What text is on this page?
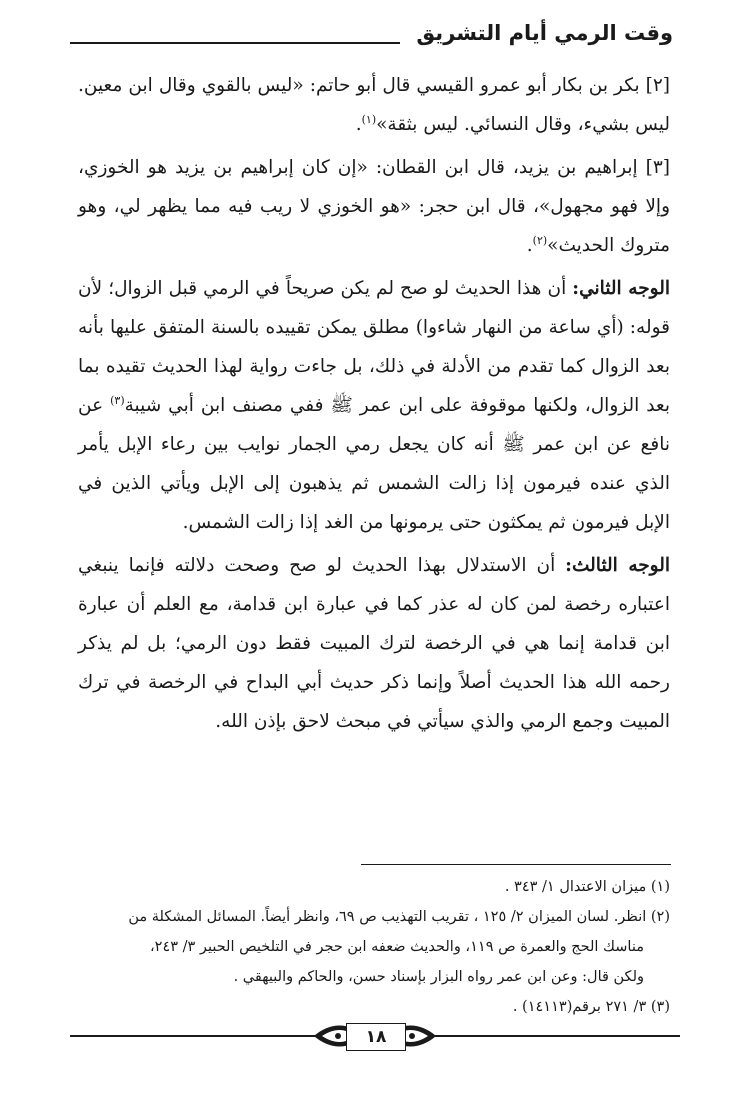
وقت الرمي أيام التشريق

[٢] بكر بن بكار أبو عمرو القيسي قال أبو حاتم: «ليس بالقوي وقال ابن معين. ليس بشيء، وقال النسائي. ليس بثقة»$^{(١)}$.

[٣] إبراهيم بن يزيد، قال ابن القطان: «إن كان إبراهيم بن يزيد هو الخوزي، وإلا فهو مجهول»، قال ابن حجر: «هو الخوزي لا ريب فيه مما يظهر لي، وهو متروك الحديث»$^{(٢)}$.

الوجه الثاني: أن هذا الحديث لو صح لم يكن صريحاً في الرمي قبل الزوال؛ لأن قوله: (أي ساعة من النهار شاءوا) مطلق يمكن تقييده بالسنة المتفق عليها بأنه بعد الزوال كما تقدم من الأدلة في ذلك، بل جاءت رواية لهذا الحديث تقيده بما بعد الزوال، ولكنها موقوفة على ابن عمر ﷺ ففي مصنف ابن أبي شيبة$^{(٣)}$ عن نافع عن ابن عمر ﷺ أنه كان يجعل رمي الجمار نوايب بين رعاء الإبل يأمر الذي عنده فيرمون إذا زالت الشمس ثم يذهبون إلى الإبل ويأتي الذين في الإبل فيرمون ثم يمكثون حتى يرمونها من الغد إذا زالت الشمس.

الوجه الثالث: أن الاستدلال بهذا الحديث لو صح وصحت دلالته فإنما ينبغي اعتباره رخصة لمن كان له عذر كما في عبارة ابن قدامة، مع العلم أن عبارة ابن قدامة إنما هي في الرخصة لترك المبيت فقط دون الرمي؛ بل لم يذكر رحمه الله هذا الحديث أصلاً وإنما ذكر حديث أبي البداح في الرخصة في ترك المبيت وجمع الرمي والذي سيأتي في مبحث لاحق بإذن الله.

(١) ميزان الاعتدال ١/ ٣٤٣ .

(٢) انظر. لسان الميزان ٢/ ١٢٥ ، تقريب التهذيب ص ٦٩، وانظر أيضاً. المسائل المشكلة من

مناسك الحج والعمرة ص ١١٩، والحديث ضعفه ابن حجر في التلخيص الحبير ٣/ ٢٤٣،

ولكن قال: وعن ابن عمر رواه البزار بإسناد حسن، والحاكم والبيهقي .

(٣) ٣/ ٢٧١ برقم(١٤١١٣) .

١٨
